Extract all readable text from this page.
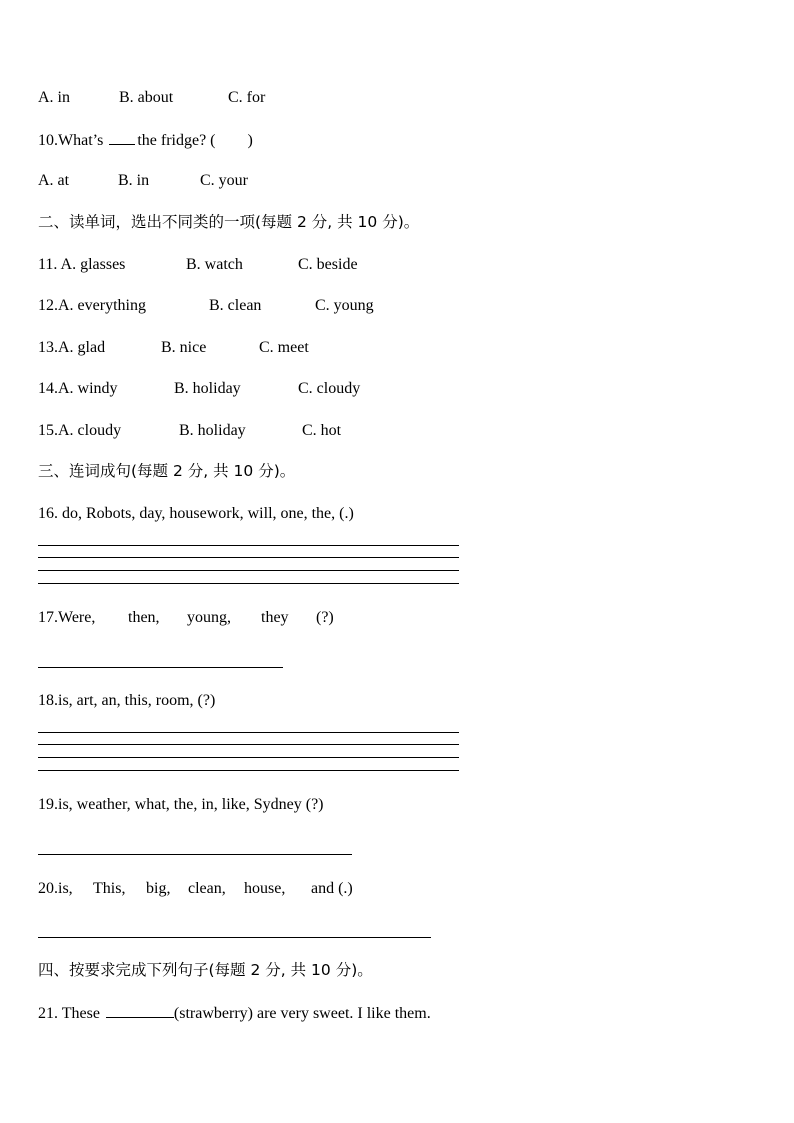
A. in	B. about	C. for
10.What’s the fridge? ( )
A. at	B. in	C. your
二、读单词，选出不同类的一项(每题 2 分, 共 10 分)。
11. A. glasses	B. watch	C. beside
12.A. everything	B. clean	C. young
13.A. glad	B. nice	C. meet
14.A. windy	B. holiday	C. cloudy
15.A. cloudy	B. holiday	C. hot
三、连词成句(每题 2 分, 共 10 分)。
16. do, Robots, day, housework, will, one, the, (.)
17.Were, then, young, they (?)
18.is, art, an, this, room, (?)
19.is, weather, what, the, in, like, Sydney (?)
20.is, This, big, clean, house, and (.)
四、按要求完成下列句子(每题 2 分, 共 10 分)。
21. These	(strawberry) are very sweet. I like them.
